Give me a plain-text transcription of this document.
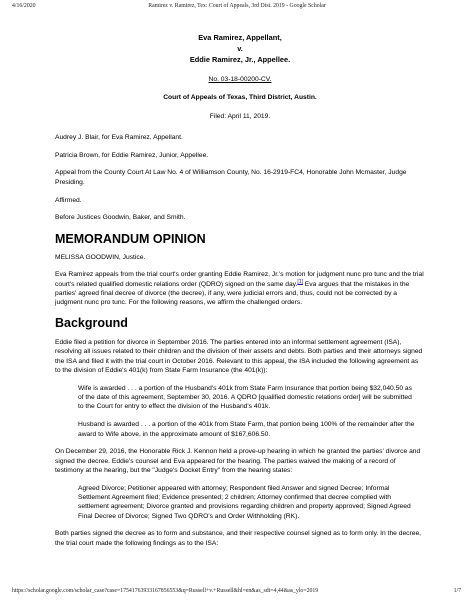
4/16/2020	Ramirez v. Ramirez, Tex: Court of Appeals, 3rd Dist. 2019 - Google Scholar
Eva Ramirez, Appellant,
v.
Eddie Ramirez, Jr., Appellee.
No. 03-18-00200-CV.
Court of Appeals of Texas, Third District, Austin.
Filed: April 11, 2019.

Audrey J. Blair, for Eva Ramirez, Appellant.

Patricia Brown, for Eddie Ramirez, Junior, Appellee.

Appeal from the County Court At Law No. 4 of Williamson County, No. 16-2919-FC4, Honorable John Mcmaster, Judge Presiding.

Affirmed.

Before Justices Goodwin, Baker, and Smith.

MEMORANDUM OPINION

MELISSA GOODWIN, Justice.

Eva Ramirez appeals from the trial court's order granting Eddie Ramirez, Jr.'s motion for judgment nunc pro tunc and the trial court's related qualified domestic relations order (QDRO) signed on the same day.[1] Eva argues that the mistakes in the parties' agreed final decree of divorce (the decree), if any, were judicial errors and, thus, could not be corrected by a judgment nunc pro tunc. For the following reasons, we affirm the challenged orders.

Background

Eddie filed a petition for divorce in September 2016. The parties entered into an informal settlement agreement (ISA), resolving all issues related to their children and the division of their assets and debts. Both parties and their attorneys signed the ISA and filed it with the trial court in October 2016. Relevant to this appeal, the ISA included the following agreement as to the division of Eddie's 401(k) from State Farm Insurance (the 401(k)):

Wife is awarded . . . a portion of the Husband's 401k from State Farm Insurance that portion being $32,040.50 as of the date of this agreement, September 30, 2016. A QDRO [qualified domestic relations order] will be submitted to the Court for entry to effect the division of the Husband's 401k.

Husband is awarded . . . a portion of the 401k from State Farm, that portion being 100% of the remainder after the award to Wife above, in the approximate amount of $167,606.50.

On December 29, 2016, the Honorable Rick J. Kennon held a prove-up hearing in which he granted the parties' divorce and signed the decree. Eddie's counsel and Eva appeared for the hearing. The parties waived the making of a record of testimony at the hearing, but the "Judge's Docket Entry" from the hearing states:

Agreed Divorce; Petitioner appeared with attorney; Respondent filed Answer and signed Decree; Informal Settlement Agreement filed; Evidence presented; 2 children; Attorney confirmed that decree complied with settlement agreement; Divorce granted and provisions regarding children and property approved; Signed Agreed Final Decree of Divorce; Signed Two QDRO's and Order Withholding (RK).

Both parties signed the decree as to form and substance, and their respective counsel signed as to form only. In the decree, the trial court made the following findings as to the ISA:

https://scholar.google.com/scholar_case?case=17541763933167856553&q=Russell+v.+Russell&hl=en&as_sdt=4,44&as_ylo=2019	1/7
